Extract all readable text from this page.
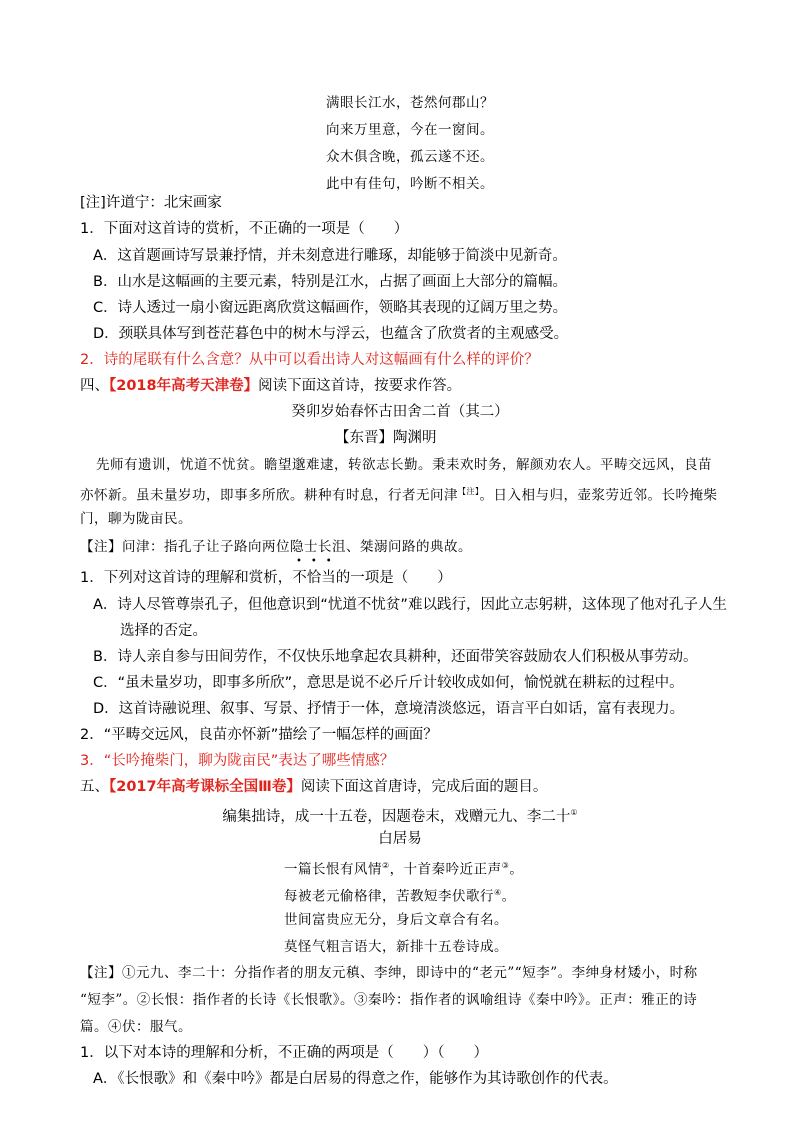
满眼长江水，苍然何郡山？
向来万里意，今在一窗间。
众木俱含晚，孤云遂不还。
此中有佳句，吟断不相关。
[注]许道宁：北宋画家
1．下面对这首诗的赏析，不正确的一项是（　　）
A．这首题画诗写景兼抒情，并未刻意进行雕琢，却能够于简淡中见新奇。
B．山水是这幅画的主要元素，特别是江水，占据了画面上大部分的篇幅。
C．诗人透过一扇小窗远距离欣赏这幅画作，领略其表现的辽阔万里之势。
D．颈联具体写到苍茫暮色中的树木与浮云，也蕴含了欣赏者的主观感受。
2．诗的尾联有什么含意？从中可以看出诗人对这幅画有什么样的评价？
四、【2018年高考天津卷】阅读下面这首诗，按要求作答。
癸卯岁始春怀古田舍二首（其二）
【东晋】陶渊明
先师有遗训，忧道不忧贫。瞻望邈难逮，转欲志长勤。秉耒欢时务，解颜劝农人。平畴交远风，良苗
亦怀新。虽未量岁功，即事多所欣。耕种有时息，行者无问津$^{【注】}$。日入相与归，壶浆劳近邻。长吟掩柴
门，聊为陇亩民。
【注】问津：指孔子让子路向两位隐士长沮、桀溺问路的典故。
•••
1．下列对这首诗的理解和赏析，不恰当的一项是（　　）
A．诗人尽管尊崇孔子，但他意识到“忧道不忧贫”难以践行，因此立志躬耕，这体现了他对孔子人生
选择的否定。
B．诗人亲自参与田间劳作，不仅快乐地拿起农具耕种，还面带笑容鼓励农人们积极从事劳动。
C．“虽未量岁功，即事多所欣”，意思是说不必斤斤计较收成如何，愉悦就在耕耘的过程中。
D．这首诗融说理、叙事、写景、抒情于一体，意境清淡悠远，语言平白如话，富有表现力。
2．“平畴交远风，良苗亦怀新”描绘了一幅怎样的画面？
3．“长吟掩柴门，聊为陇亩民”表达了哪些情感？
五、【2017年高考课标全国Ⅲ卷】阅读下面这首唐诗，完成后面的题目。
编集拙诗，成一十五卷，因题卷末，戏赠元九、李二十①
白居易
一篇长恨有风情②，十首秦吟近正声③。
每被老元偷格律，苦教短李伏歌行④。
世间富贵应无分，身后文章合有名。
莫怪气粗言语大，新排十五卷诗成。
【注】①元九、李二十：分指作者的朋友元稹、李绅，即诗中的“老元”“短李”。李绅身材矮小，时称
“短李”。②长恨：指作者的长诗《长恨歌》。③秦吟：指作者的讽喻组诗《秦中吟》。正声：雅正的诗
篇。④伏：服气。
1．以下对本诗的理解和分析，不正确的两项是（　　）（　　）
A．《长恨歌》和《秦中吟》都是白居易的得意之作，能够作为其诗歌创作的代表。
